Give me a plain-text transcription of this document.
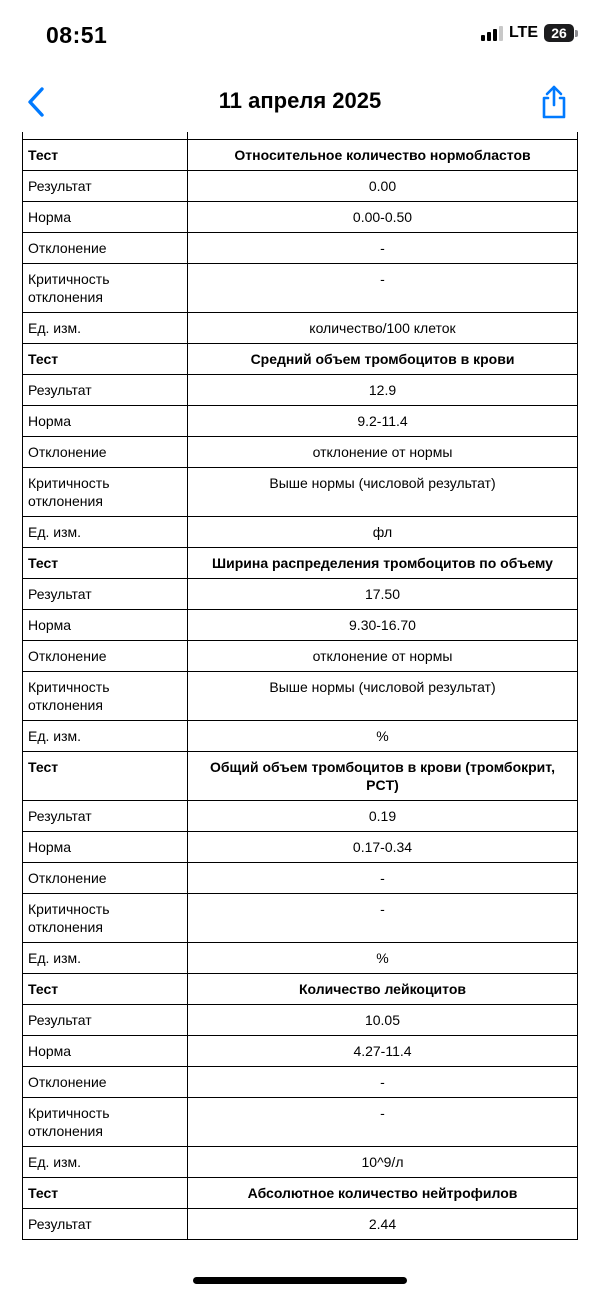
08:51	LTE 26
11 апреля 2025
Тест	Относительное количество нормобластов
Результат	0.00
Норма	0.00-0.50
Отклонение	-
Критичность отклонения	-
Ед. изм.	количество/100 клеток
Тест	Средний объем тромбоцитов в крови
Результат	12.9
Норма	9.2-11.4
Отклонение	отклонение от нормы
Критичность отклонения	Выше нормы (числовой результат)
Ед. изм.	фл
Тест	Ширина распределения тромбоцитов по объему
Результат	17.50
Норма	9.30-16.70
Отклонение	отклонение от нормы
Критичность отклонения	Выше нормы (числовой результат)
Ед. изм.	%
Тест	Общий объем тромбоцитов в крови (тромбокрит, PCT)
Результат	0.19
Норма	0.17-0.34
Отклонение	-
Критичность отклонения	-
Ед. изм.	%
Тест	Количество лейкоцитов
Результат	10.05
Норма	4.27-11.4
Отклонение	-
Критичность отклонения	-
Ед. изм.	10^9/л
Тест	Абсолютное количество нейтрофилов
Результат	2.44
